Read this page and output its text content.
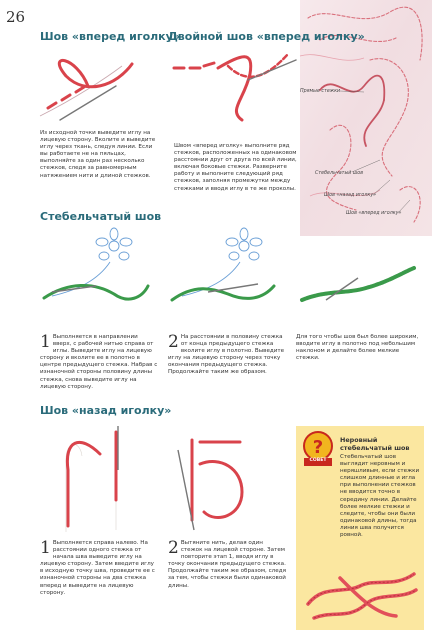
26
Прямые стежки
Стебельчатый шов
Шов «назад иголку»
Шов «вперед иголку»
Шов «вперед иголку»
Из исходной точки выведите иглу на лицевую сторону. Вколите и выведите иглу через ткань, следуя линии. Если вы работаете не на пяльцах, выполняйте за один раз несколько стежков, следя за равномерным натяжением нити и длиной стежков.
Двойной шов «вперед иголку»
Швом «вперед иголку» выполните ряд стежков, расположенных на одинаковом расстоянии друг от друга по всей линии, включая боковые стежки. Разверните работу и выполните следующий ряд стежков, заполняя промежутки между стежками и вводя иглу в те же проколы.
Стебельчатый шов
1 Выполняется в направлении вверх, с рабочей нитью справа от иглы. Выведите иглу на лицевую сторону и вколите ее в полотно в центре предыдущего стежка. Набрав с изнаночной стороны половину длины стежка, снова выведите иглу на лицевую сторону.
2 На расстоянии в половину стежка от конца предыдущего стежка вколите иглу в полотно. Выведите иглу на лицевую сторону через точку окончания предыдущего стежка. Продолжайте таким же образом.
Для того чтобы шов был более широким, вводите иглу в полотно под небольшим наклоном и делайте более мелкие стежки.
Шов «назад иголку»
1 Выполняется справа налево. На расстоянии одного стежка от начала шва выведите иглу на лицевую сторону. Затем введите иглу в исходную точку шва, проведите ее с изнаночной стороны на два стежка вперед и выведите на лицевую сторону.
2 Вытяните нить, делая один стежок на лицевой стороне. Затем повторите этап 1, вводя иглу в точку окончания предыдущего стежка. Продолжайте таким же образом, следя за тем, чтобы стежки были одинаковой длины.
?
СОВЕТ
Неровный стебельчатый шов
Стебельчатый шов выглядит неровным и неряшливым, если стежки слишком длинные и игла при выполнении стежков не вводится точно в середину линии. Делайте более мелкие стежки и следите, чтобы они были одинаковой длины, тогда линия шва получится ровной.
